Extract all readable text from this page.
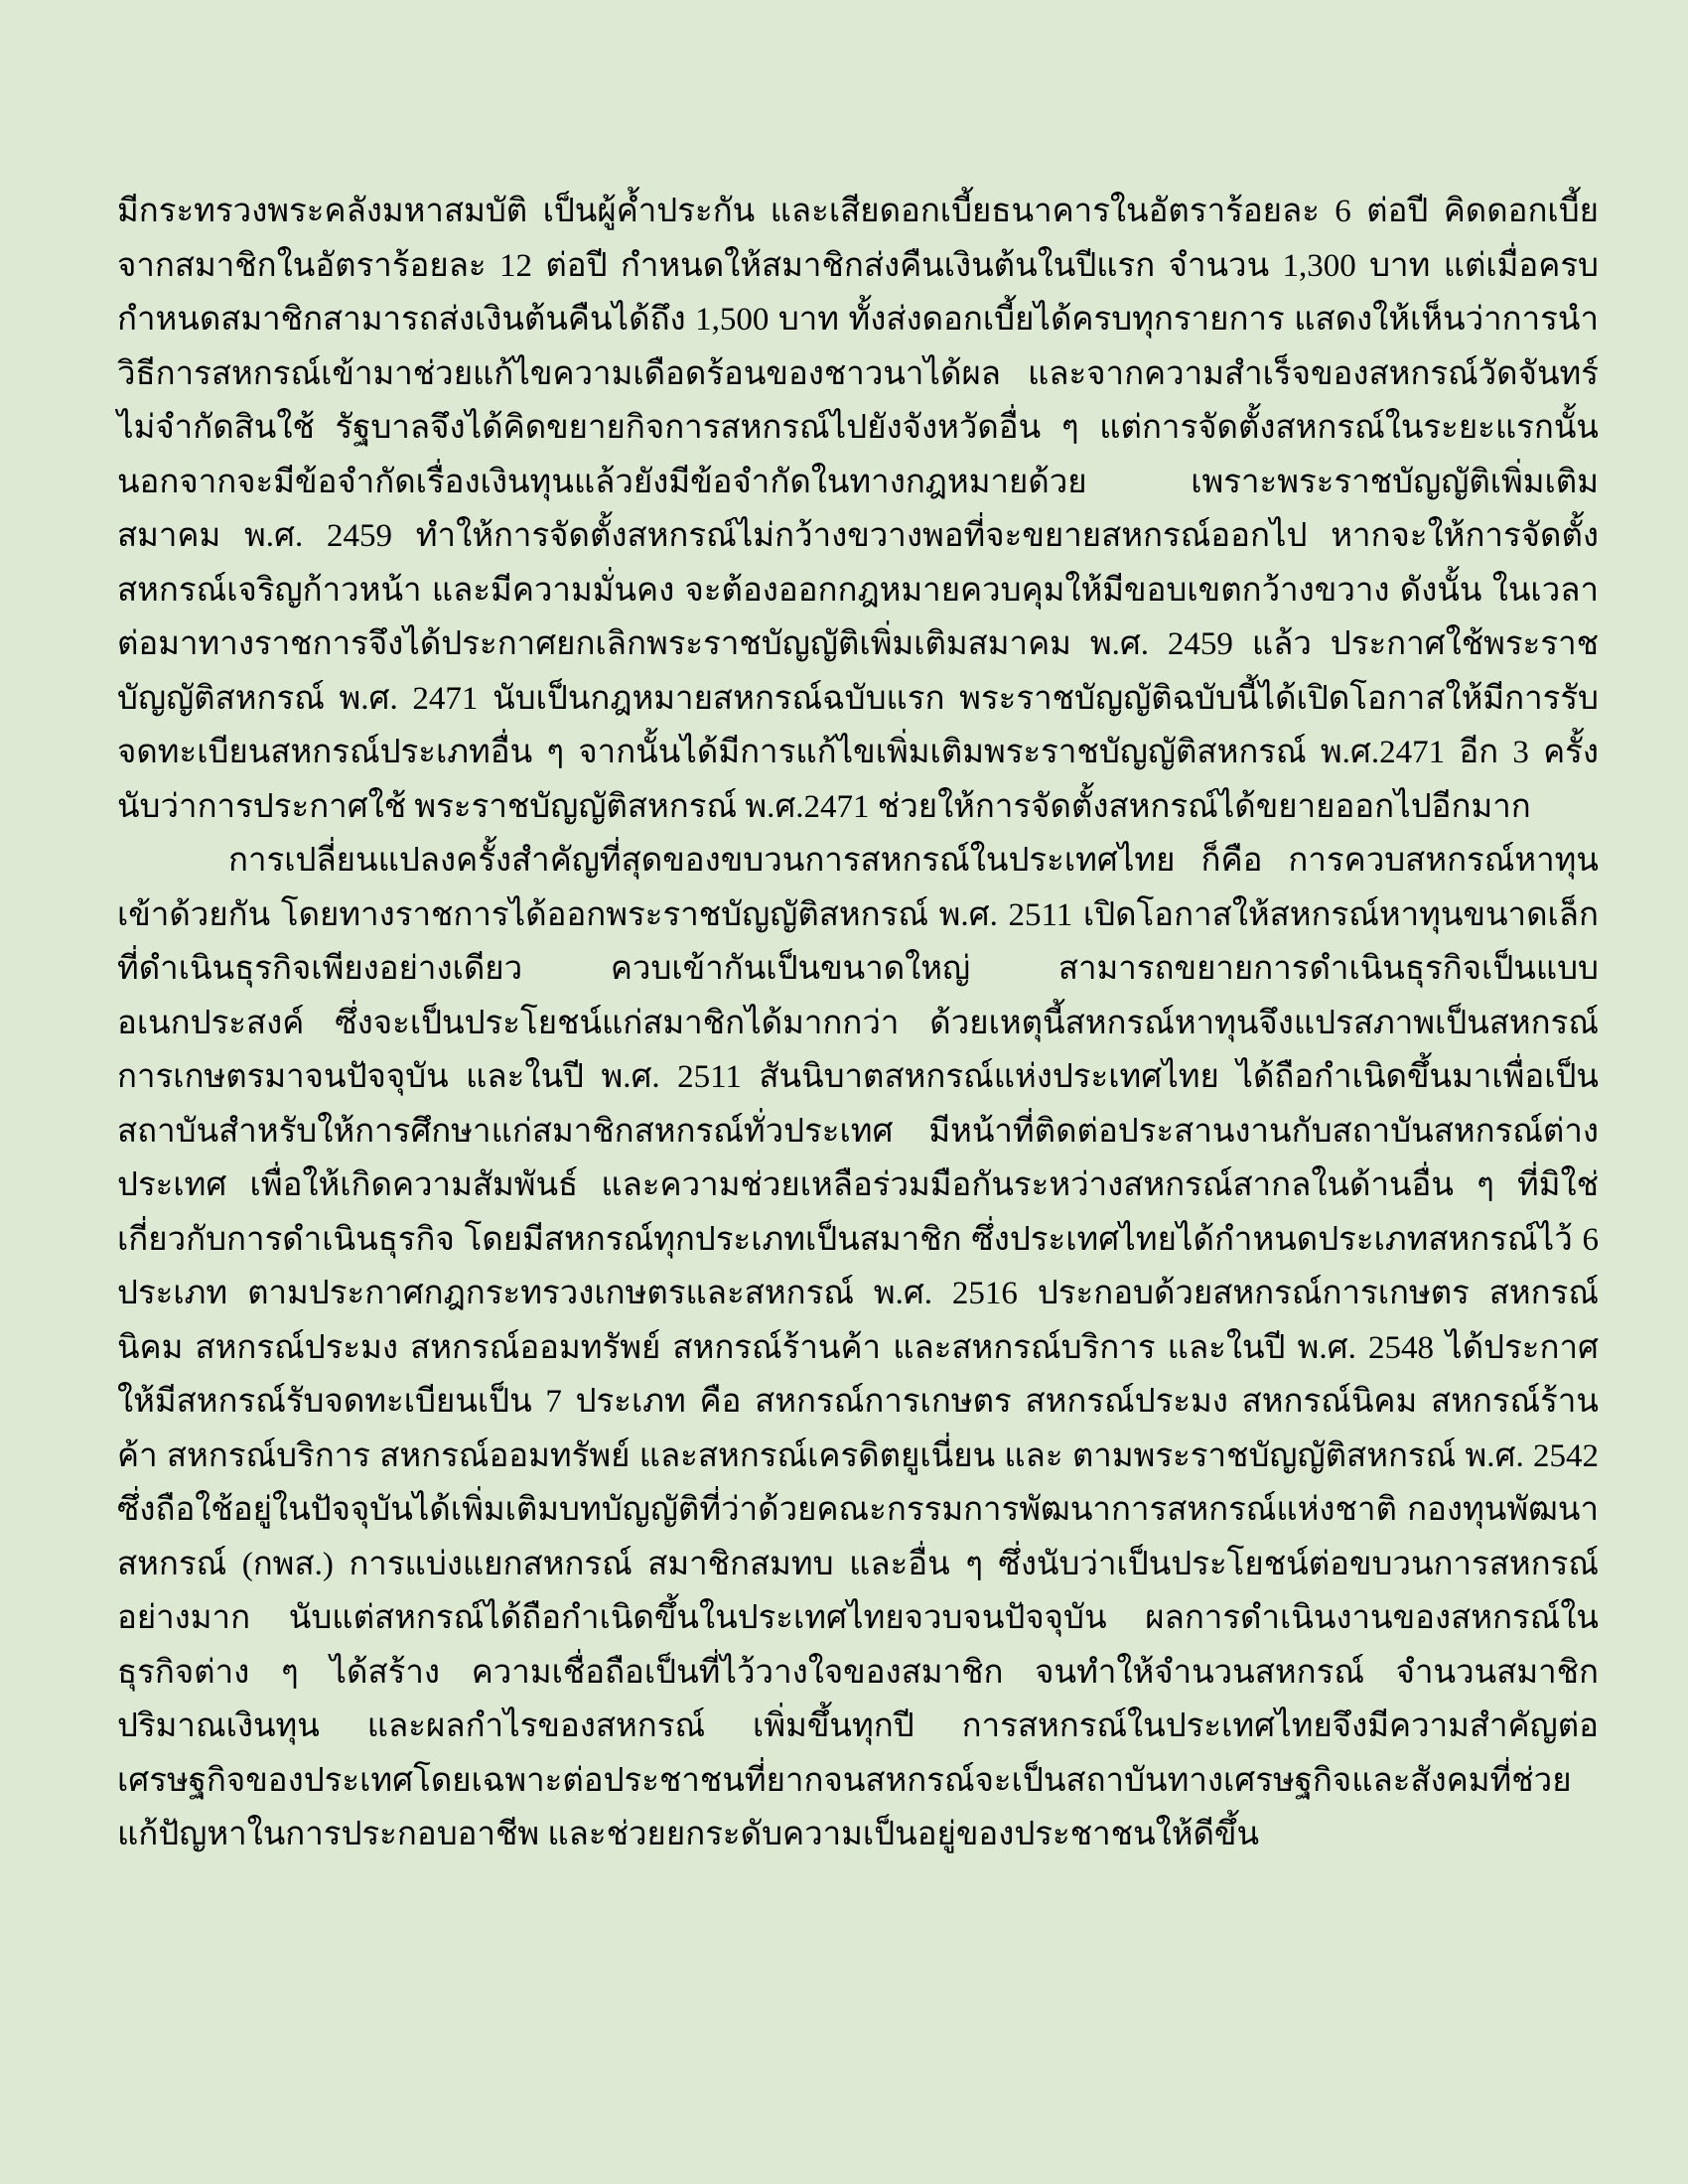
มีกระทรวงพระคลังมหาสมบัติ เป็นผู้ค้ำประกัน และเสียดอกเบี้ยธนาคารในอัตราร้อยละ 6 ต่อปี คิดดอกเบี้ยจากสมาชิกในอัตราร้อยละ 12 ต่อปี กำหนดให้สมาชิกส่งคืนเงินต้นในปีแรก จำนวน 1,300 บาท แต่เมื่อครบกำหนดสมาชิกสามารถส่งเงินต้นคืนได้ถึง 1,500 บาท ทั้งส่งดอกเบี้ยได้ครบทุกรายการ แสดงให้เห็นว่าการนำวิธีการสหกรณ์เข้ามาช่วยแก้ไขความเดือดร้อนของชาวนาได้ผล และจากความสำเร็จของสหกรณ์วัดจันทร์ ไม่จำกัดสินใช้ รัฐบาลจึงได้คิดขยายกิจการสหกรณ์ไปยังจังหวัดอื่น ๆ แต่การจัดตั้งสหกรณ์ในระยะแรกนั้น นอกจากจะมีข้อจำกัดเรื่องเงินทุนแล้วยังมีข้อจำกัดในทางกฎหมายด้วย เพราะพระราชบัญญัติเพิ่มเติมสมาคม พ.ศ. 2459 ทำให้การจัดตั้งสหกรณ์ไม่กว้างขวางพอที่จะขยายสหกรณ์ออกไป หากจะให้การจัดตั้งสหกรณ์เจริญก้าวหน้า และมีความมั่นคง จะต้องออกกฎหมายควบคุมให้มีขอบเขตกว้างขวาง ดังนั้น ในเวลาต่อมาทางราชการจึงได้ประกาศยกเลิกพระราชบัญญัติเพิ่มเติมสมาคม พ.ศ. 2459 แล้ว ประกาศใช้พระราชบัญญัติสหกรณ์ พ.ศ. 2471 นับเป็นกฎหมายสหกรณ์ฉบับแรก พระราชบัญญัติฉบับนี้ได้เปิดโอกาสให้มีการรับจดทะเบียนสหกรณ์ประเภทอื่น ๆ จากนั้นได้มีการแก้ไขเพิ่มเติมพระราชบัญญัติสหกรณ์ พ.ศ.2471 อีก 3 ครั้งนับว่าการประกาศใช้ พระราชบัญญัติสหกรณ์ พ.ศ.2471 ช่วยให้การจัดตั้งสหกรณ์ได้ขยายออกไปอีกมาก

การเปลี่ยนแปลงครั้งสำคัญที่สุดของขบวนการสหกรณ์ในประเทศไทย ก็คือ การควบสหกรณ์หาทุนเข้าด้วยกัน โดยทางราชการได้ออกพระราชบัญญัติสหกรณ์ พ.ศ. 2511 เปิดโอกาสให้สหกรณ์หาทุนขนาดเล็ก ที่ดำเนินธุรกิจเพียงอย่างเดียว ควบเข้ากันเป็นขนาดใหญ่ สามารถขยายการดำเนินธุรกิจเป็นแบบอเนกประสงค์ ซึ่งจะเป็นประโยชน์แก่สมาชิกได้มากกว่า ด้วยเหตุนี้สหกรณ์หาทุนจึงแปรสภาพเป็นสหกรณ์การเกษตรมาจนปัจจุบัน และในปี พ.ศ. 2511 สันนิบาตสหกรณ์แห่งประเทศไทย ได้ถือกำเนิดขึ้นมาเพื่อเป็นสถาบันสำหรับให้การศึกษาแก่สมาชิกสหกรณ์ทั่วประเทศ มีหน้าที่ติดต่อประสานงานกับสถาบันสหกรณ์ต่างประเทศ เพื่อให้เกิดความสัมพันธ์ และความช่วยเหลือร่วมมือกันระหว่างสหกรณ์สากลในด้านอื่น ๆ ที่มิใช่เกี่ยวกับการดำเนินธุรกิจ โดยมีสหกรณ์ทุกประเภทเป็นสมาชิก ซึ่งประเทศไทยได้กำหนดประเภทสหกรณ์ไว้ 6 ประเภท ตามประกาศกฎกระทรวงเกษตรและสหกรณ์ พ.ศ. 2516 ประกอบด้วยสหกรณ์การเกษตร สหกรณ์นิคม สหกรณ์ประมง สหกรณ์ออมทรัพย์ สหกรณ์ร้านค้า และสหกรณ์บริการ และในปี พ.ศ. 2548 ได้ประกาศให้มีสหกรณ์รับจดทะเบียนเป็น 7 ประเภท คือ สหกรณ์การเกษตร สหกรณ์ประมง สหกรณ์นิคม สหกรณ์ร้านค้า สหกรณ์บริการ สหกรณ์ออมทรัพย์ และสหกรณ์เครดิตยูเนี่ยน และ ตามพระราชบัญญัติสหกรณ์ พ.ศ. 2542 ซึ่งถือใช้อยู่ในปัจจุบันได้เพิ่มเติมบทบัญญัติที่ว่าด้วยคณะกรรมการพัฒนาการสหกรณ์แห่งชาติ กองทุนพัฒนาสหกรณ์ (กพส.) การแบ่งแยกสหกรณ์ สมาชิกสมทบ และอื่น ๆ ซึ่งนับว่าเป็นประโยชน์ต่อขบวนการสหกรณ์อย่างมาก นับแต่สหกรณ์ได้ถือกำเนิดขึ้นในประเทศไทยจวบจนปัจจุบัน ผลการดำเนินงานของสหกรณ์ในธุรกิจต่าง ๆ ได้สร้าง ความเชื่อถือเป็นที่ไว้วางใจของสมาชิก จนทำให้จำนวนสหกรณ์ จำนวนสมาชิก ปริมาณเงินทุน และผลกำไรของสหกรณ์ เพิ่มขึ้นทุกปี การสหกรณ์ในประเทศไทยจึงมีความสำคัญต่อเศรษฐกิจของประเทศโดยเฉพาะต่อประชาชนที่ยากจนสหกรณ์จะเป็นสถาบันทางเศรษฐกิจและสังคมที่ช่วยแก้ปัญหาในการประกอบอาชีพ และช่วยยกระดับความเป็นอยู่ของประชาชนให้ดีขึ้น
